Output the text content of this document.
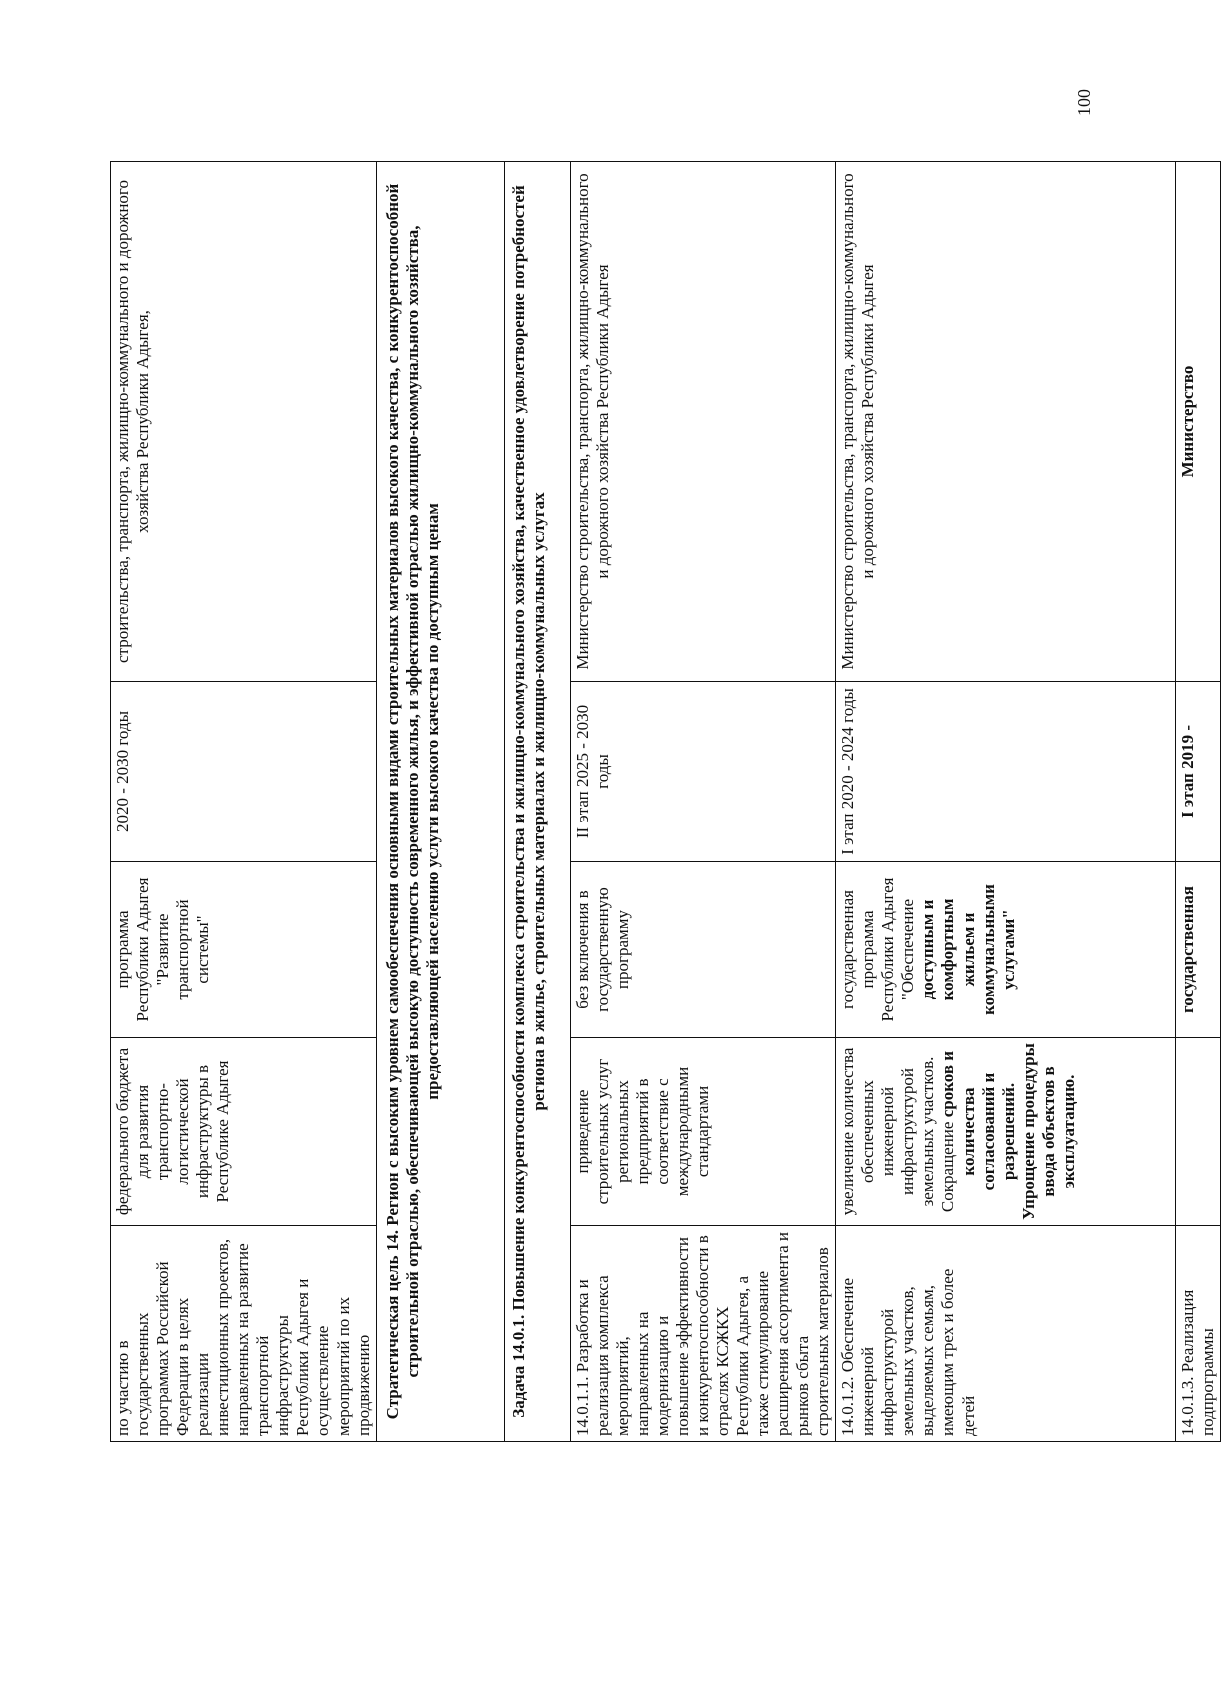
100
по участию в государственных программах Российской Федерации в целях реализации инвестиционных проектов, направленных на развитие транспортной инфраструктуры Республики Адыгея и осуществление мероприятий по их продвижению	федерального бюджета для развития транспортно-логистической инфраструктуры в Республике Адыгея	программа Республики Адыгея "Развитие транспортной системы"	2020 - 2030 годы	строительства, транспорта, жилищно-коммунального и дорожного хозяйства Республики Адыгея,
Стратегическая цель 14. Регион с высоким уровнем самообеспечения основными видами строительных материалов высокого качества, с конкурентоспособной строительной отраслью, обеспечивающей высокую доступность современного жилья, и эффективной отраслью жилищно-коммунального хозяйства, предоставляющей населению услуги высокого качества по доступным ценам				
Задача 14.0.1. Повышение конкурентоспособности комплекса строительства и жилищно-коммунального хозяйства, качественное удовлетворение потребностей региона в жилье, строительных материалах и жилищно-коммунальных услугах				
14.0.1.1. Разработка и реализация комплекса мероприятий, направленных на модернизацию и повышение эффективности и конкурентоспособности в отраслях КСЖКХ Республики Адыгея, а также стимулирование расширения ассортимента и рынков сбыта строительных материалов	приведение строительных услуг региональных предприятий в соответствие с международными стандартами	без включения в государственную программу	II этап 2025 - 2030 годы	Министерство строительства, транспорта, жилищно-коммунального и дорожного хозяйства Республики Адыгея
14.0.1.2. Обеспечение инженерной инфраструктурой земельных участков, выделяемых семьям, имеющим трех и более детей	увеличение количества обеспеченных инженерной инфраструктурой земельных участков. Сокращение сроков и количества согласований и разрешений. Упрощение процедуры ввода объектов в эксплуатацию.	государственная программа Республики Адыгея "Обеспечение доступным и комфортным жильем и коммунальными услугами"	I этап 2020 - 2024 годы	Министерство строительства, транспорта, жилищно-коммунального и дорожного хозяйства Республики Адыгея
14.0.1.3. Реализация подпрограммы		государственная	I этап 2019 -	Министерство
